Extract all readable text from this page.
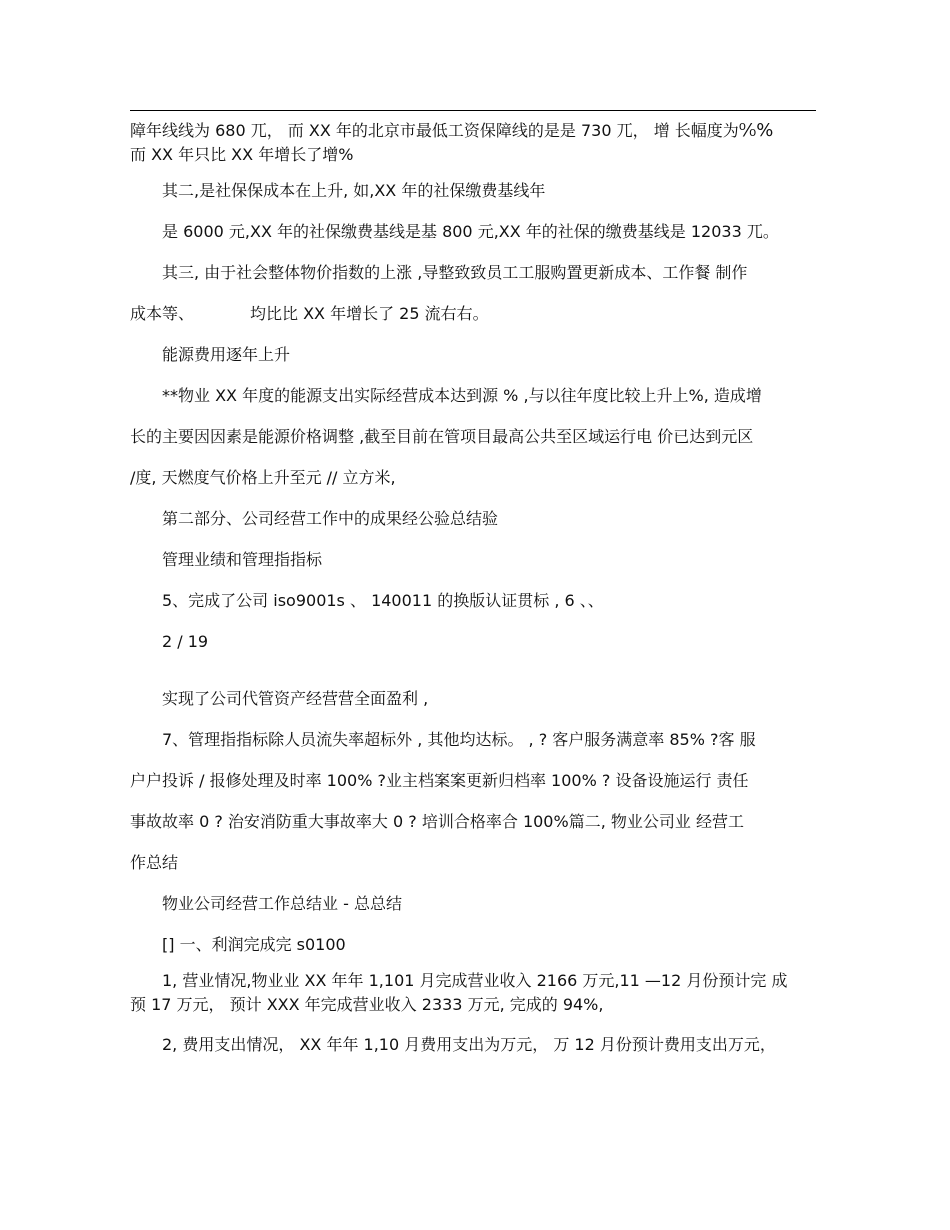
障年线线为 680 兀， 而 XX 年的北京市最低工资保障线的是是 730 兀， 增 长幅度为⁰⁄₀%
而 XX 年只比 XX 年增长了增%
其二,是社保保成本在上升, 如,XX 年的社保缴费基线年
是 6000 元,XX 年的社保缴费基线是基 800 元,XX 年的社保的缴费基线是 12033 兀。
其三, 由于社会整体物价指数的上涨 ,导整致致员工工服购置更新成本、工作餐 制作
成本等、	均比比 XX 年增长了 25 流右右。
能源费用逐年上升
**物业 XX 年度的能源支出实际经营成本达到源 % ,与以往年度比较上升上%, 造成增
长的主要因因素是能源价格调整 ,截至目前在管项目最高公共至区域运行电 价已达到元区
/度, 天燃度气价格上升至元 // 立方米,
第二部分、公司经营工作中的成果经公验总结验
管理业绩和管理指指标
5、完成了公司 iso9001s 、 140011 的换版认证贯标 , 6 、、
2 / 19
实现了公司代管资产经营营全面盈利 ,
7、管理指指标除人员流失率超标外 , 其他均达标。 , ? 客户服务满意率 85% ?客 服
户户投诉 / 报修处理及时率 100% ?业主档案案更新归档率 100% ? 设备设施运行 责任
事故故率 0 ? 治安消防重大事故率大 0 ? 培训合格率合 100%篇二, 物业公司业 经营工
作总结
物业公司经营工作总结业 - 总总结
[] 一、利润完成完 s0100
1, 营业情况,物业业 XX 年年 1,101 月完成营业收入 2166 万元,11 —12 月份预计完 成
预 17 万元， 预计 XXX 年完成营业收入 2333 万元, 完成的 94%,
2, 费用支出情况， XX 年年 1,10 月费用支出为万元， 万 12 月份预计费用支出万元，
